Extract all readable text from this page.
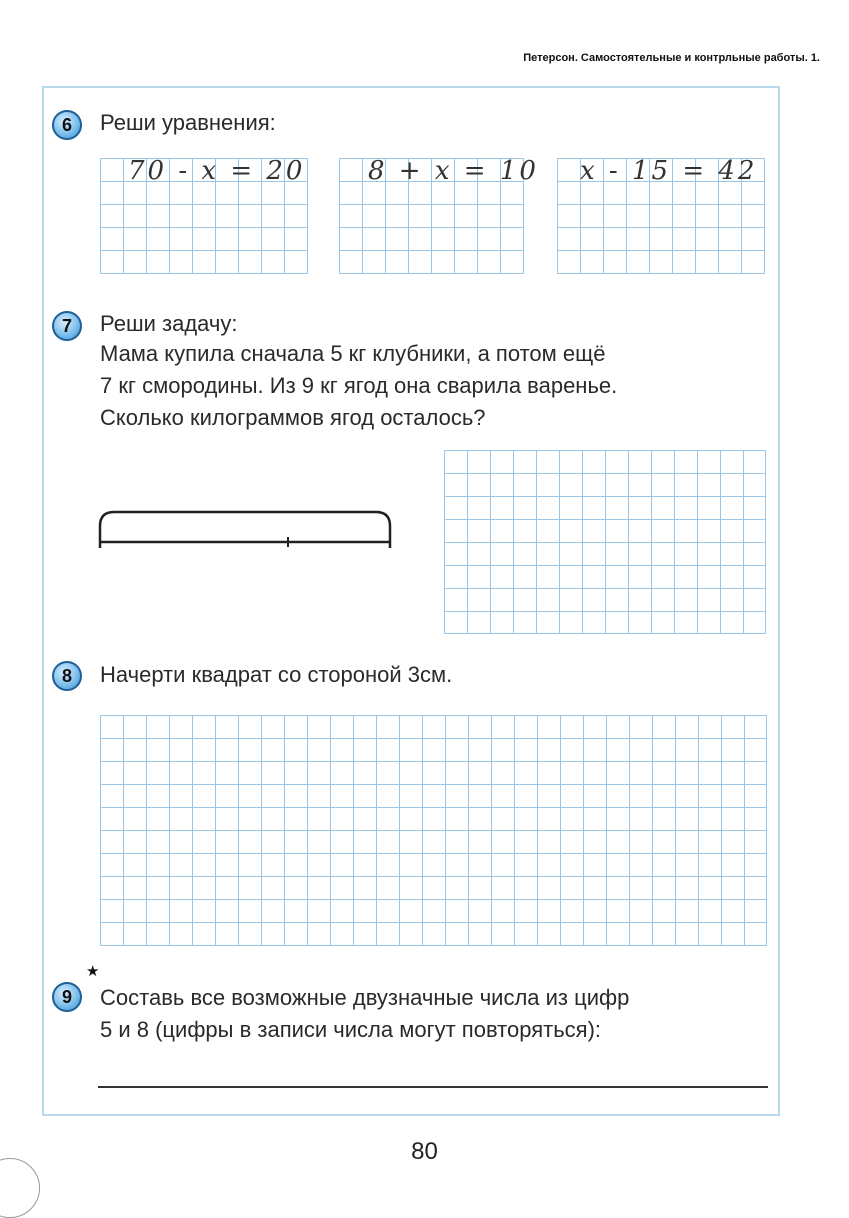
Петерсон. Самостоятельные и контрльные работы. 1.
6	Реши уравнения:
70 - x = 20 8 + x = 10 x - 15 = 42
7	Реши задачу:
Мама купила сначала 5 кг клубники, а потом ещё
7 кг смородины. Из 9 кг ягод она сварила варенье.
Сколько килограммов ягод осталось?
8	Начерти квадрат со стороной 3см.
9
★
Составь все возможные двузначные числа из цифр
5 и 8 (цифры в записи числа могут повторяться):
80
